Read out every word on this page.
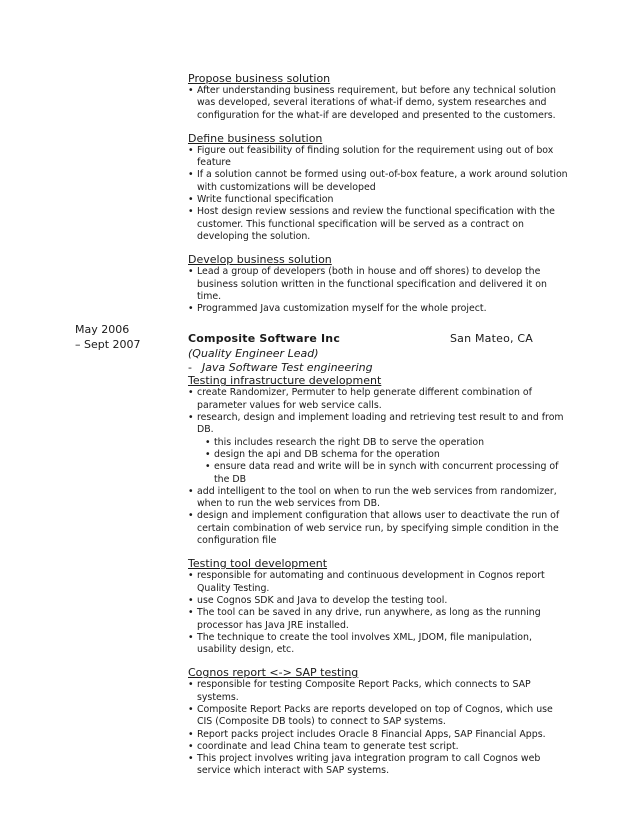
May 2006
– Sept 2007

Propose business solution

• After understanding business requirement, but before any technical solution was developed, several iterations of what-if demo, system researches and configuration for the what-if are developed and presented to the customers.

Define business solution

• Figure out feasibility of finding solution for the requirement using out of box feature
• If a solution cannot be formed using out-of-box feature, a work around solution with customizations will be developed
• Write functional specification
• Host design review sessions and review the functional specification with the customer. This functional specification will be served as a contract on developing the solution.

Develop business solution

• Lead a group of developers (both in house and off shores) to develop the business solution written in the functional specification and delivered it on time.
• Programmed Java customization myself for the whole project.
Composite Software Inc	San Mateo, CA
(Quality Engineer Lead)
- Java Software Test engineering

Testing infrastructure development

• create Randomizer, Permuter to help generate different combination of parameter values for web service calls.
• research, design and implement loading and retrieving test result to and from DB.
• this includes research the right DB to serve the operation
• design the api and DB schema for the operation
• ensure data read and write will be in synch with concurrent processing of the DB
• add intelligent to the tool on when to run the web services from randomizer, when to run the web services from DB.
• design and implement configuration that allows user to deactivate the run of certain combination of web service run, by specifying simple condition in the configuration file

Testing tool development

• responsible for automating and continuous development in Cognos report Quality Testing.
• use Cognos SDK and Java to develop the testing tool.
• The tool can be saved in any drive, run anywhere, as long as the running processor has Java JRE installed.
• The technique to create the tool involves XML, JDOM, file manipulation, usability design, etc.

Cognos report <-> SAP testing

• responsible for testing Composite Report Packs, which connects to SAP systems.
• Composite Report Packs are reports developed on top of Cognos, which use CIS (Composite DB tools) to connect to SAP systems.
• Report packs project includes Oracle 8 Financial Apps, SAP Financial Apps.
• coordinate and lead China team to generate test script.
• This project involves writing java integration program to call Cognos web service which interact with SAP systems.
